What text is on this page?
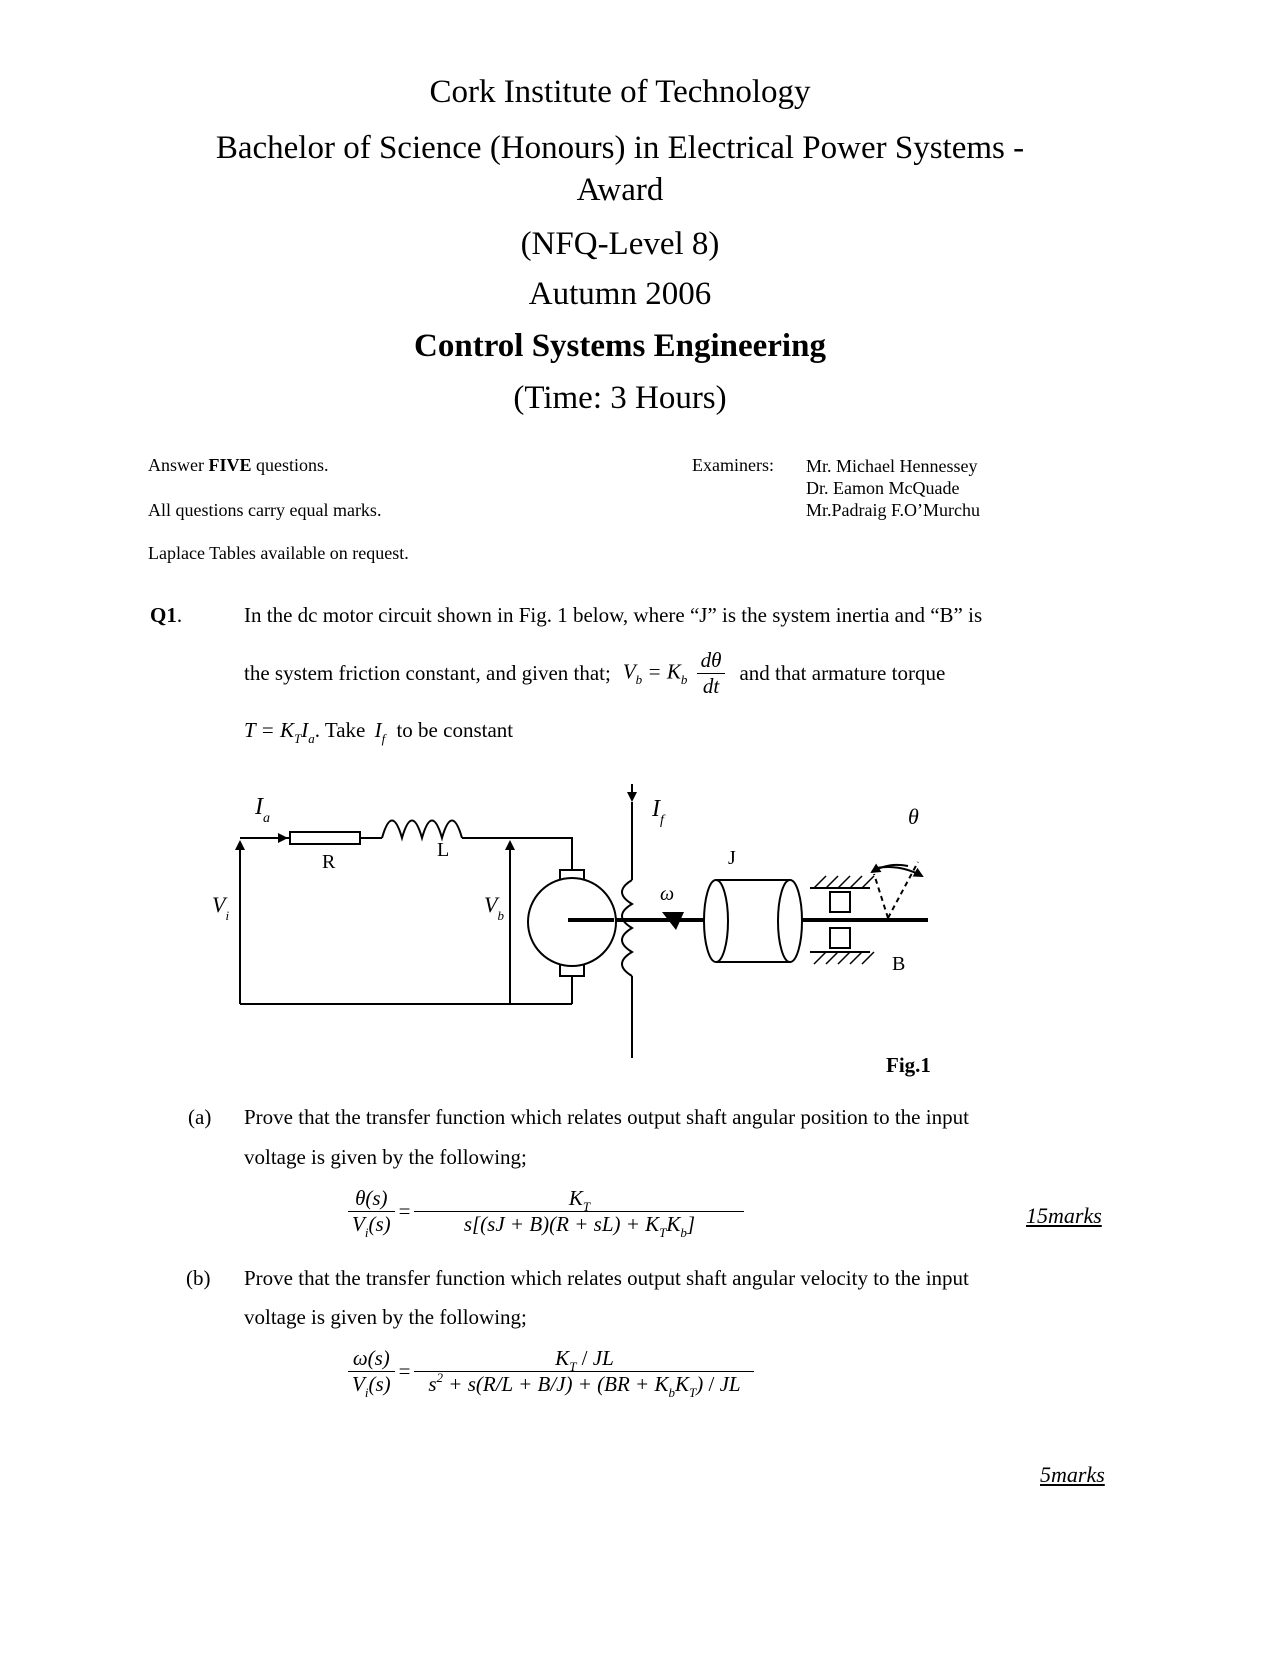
Cork Institute of Technology
Bachelor of Science (Honours) in Electrical Power Systems -
Award
(NFQ-Level 8)
Autumn 2006
Control Systems Engineering
(Time: 3 Hours)
Answer FIVE questions.
All questions carry equal marks.
Laplace Tables available on request.
Examiners: Mr. Michael Hennessey
Dr. Eamon McQuade
Mr.Padraig F.O’Murchu
Q1.	In the dc motor circuit shown in Fig. 1 below, where “J” is the system inertia and “B” is
the system friction constant, and given that; $V_b = K_b \frac{d\theta}{dt}$ and that armature torque
$T = K_TI_a$. Take $I_f$ to be constant
$I_a$
R
L
$V_i$	$V_b$
$I_f$
ω
J
θ
B
Fig.1
(a) Prove that the transfer function which relates output shaft angular position to the input
voltage is given by the following;
$\frac{\theta(s)}{V_i(s)} = \frac{K_T}{s[(sJ + B)(R + sL) + K_TK_b]}$	15marks
(b) Prove that the transfer function which relates output shaft angular velocity to the input
voltage is given by the following;
$\frac{\omega(s)}{V_i(s)} = \frac{K_T / JL}{s^2 + s(R/L + B/J) + (BR + K_bK_T) / JL}$
5marks
